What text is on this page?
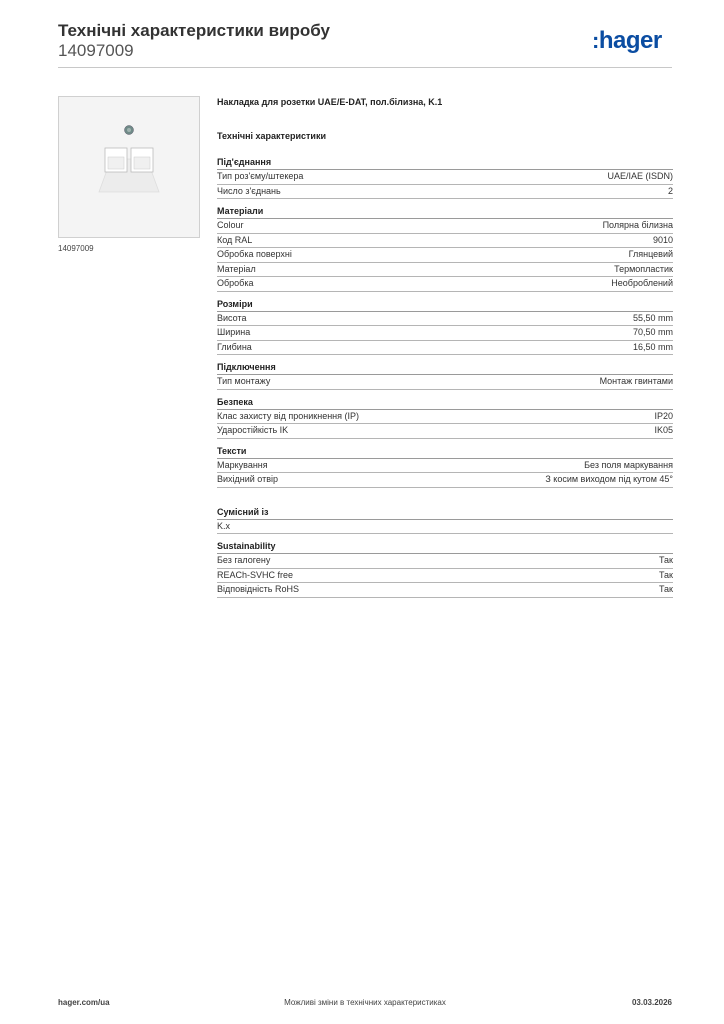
Технічні характеристики виробу
14097009	:hager
14097009
Накладка для розетки UAE/E-DAT, пол.білизна, K.1
Технічні характеристики
Під'єднання
Тип роз'єму/штекера	UAE/IAE (ISDN)
Число з'єднань	2
Матеріали
Colour	Полярна білизна
Код RAL	9010
Обробка поверхні	Глянцевий
Матеріал	Термопластик
Обробка	Необроблений
Розміри
Висота	55,50 mm
Ширина	70,50 mm
Глибина	16,50 mm
Підключення
Тип монтажу	Монтаж гвинтами
Безпека
Клас захисту від проникнення (IP)	IP20
Ударостійкість IK	IK05
Тексти
Маркування	Без поля маркування
Вихідний отвір	З косим виходом під кутом 45°
Сумісний із
K.x
Sustainability
Без галогену	Так
REACh-SVHC free	Так
Відповідність RoHS	Так
hager.com/ua	Можливі зміни в технічних характеристиках	03.03.2026
